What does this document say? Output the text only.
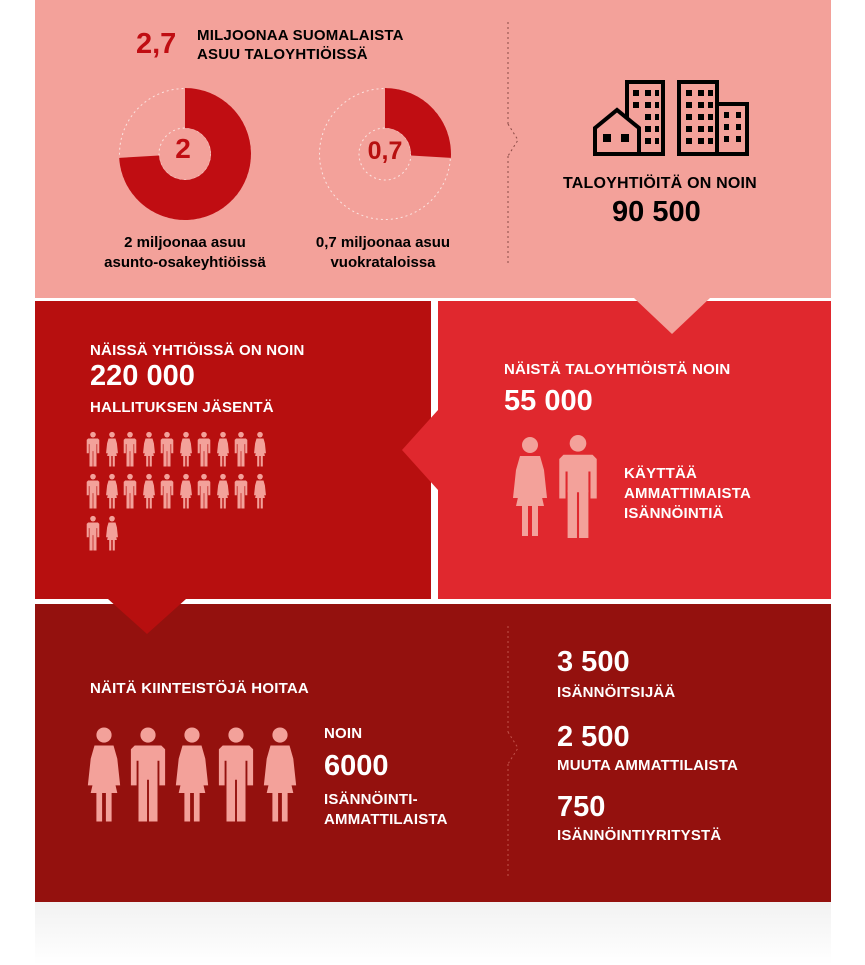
2,7 MILJOONAA SUOMALAISTA
ASUU TALOYHTIÖISSÄ
2	0,7
2 miljoonaa asuu
asunto-osakeyhtiöissä
0,7 miljoonaa asuu
vuokrataloissa
TALOYHTIÖITÄ ON NOIN
90 500
NÄISSÄ YHTIÖISSÄ ON NOIN
220 000
HALLITUKSEN JÄSENTÄ
NÄISTÄ TALOYHTIÖISTÄ NOIN
55 000
KÄYTTÄÄ
AMMATTIMAISTA
ISÄNNÖINTIÄ
NÄITÄ KIINTEISTÖJÄ HOITAA
NOIN
6000
ISÄNNÖINTI-
AMMATTILAISTA
3 500
ISÄNNÖITSIJÄÄ
2 500
MUUTA AMMATTILAISTA
750
ISÄNNÖINTIYRITYSTÄ
